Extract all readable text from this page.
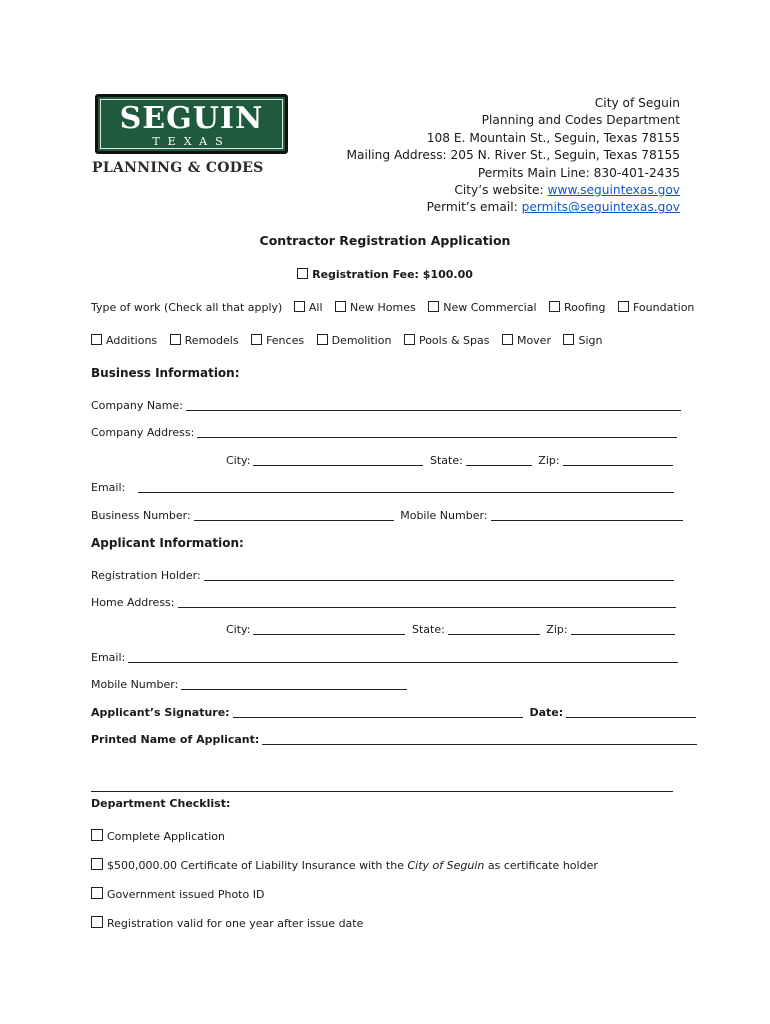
SEGUIN
TEXAS
PLANNING & CODES
City of Seguin
Planning and Codes Department
108 E. Mountain St., Seguin, Texas 78155
Mailing Address: 205 N. River St., Seguin, Texas 78155
Permits Main Line: 830-401-2435
City’s website: www.seguintexas.gov
Permit’s email: permits@seguintexas.gov
Contractor Registration Application
Registration Fee: $100.00
Type of work (Check all that apply) All	New Homes	New Commercial	Roofing	Foundation
Additions	Remodels	Fences	Demolition	Pools & Spas	Mover	Sign
Business Information:
Company Name:
Company Address:
City:	State:	Zip:
Email:
Business Number:	Mobile Number:
Applicant Information:
Registration Holder:
Home Address:
City:	State:	Zip:
Email:
Mobile Number:
Applicant’s Signature:	Date:
Printed Name of Applicant:
Department Checklist:
Complete Application
$500,000.00 Certificate of Liability Insurance with the City of Seguin as certificate holder
Government issued Photo ID
Registration valid for one year after issue date
